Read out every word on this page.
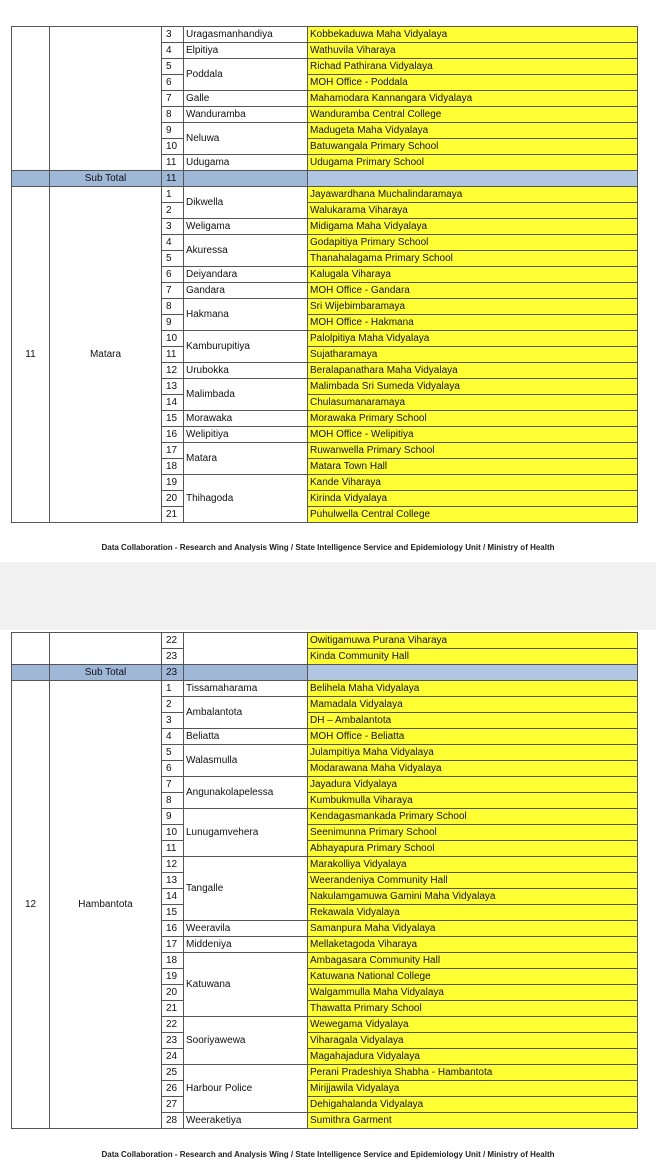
		3	Uragasmanhandiya	Kobbekaduwa Maha Vidyalaya
		4	Elpitiya	Wathuvila Viharaya
		5	Poddala	Richad Pathirana Vidyalaya
		6		MOH Office - Poddala
		7	Galle	Mahamodara Kannangara Vidyalaya
		8	Wanduramba	Wanduramba Central College
		9	Neluwa	Madugeta Maha Vidyalaya
		10		Batuwangala Primary School
		11	Udugama	Udugama Primary School
	Sub Total	11		
11	Matara	1	Dikwella	Jayawardhana Muchalindaramaya
		2		Walukarama Viharaya
		3	Weligama	Midigama Maha Vidyalaya
		4	Akuressa	Godapitiya Primary School
		5		Thanahalagama Primary School
		6	Deiyandara	Kalugala Viharaya
		7	Gandara	MOH Office - Gandara
		8	Hakmana	Sri Wijebimbaramaya
		9		MOH Office - Hakmana
		10	Kamburupitiya	Palolpitiya Maha Vidyalaya
		11		Sujatharamaya
		12	Urubokka	Beralapanathara Maha Vidyalaya
		13	Malimbada	Malimbada Sri Sumeda Vidyalaya
		14		Chulasumanaramaya
		15	Morawaka	Morawaka Primary School
		16	Welipitiya	MOH Office - Welipitiya
		17	Matara	Ruwanwella Primary School
		18		Matara Town Hall
		19	Thihagoda	Kande Viharaya
		20		Kirinda Vidyalaya
		21		Puhulwella Central College
Data Collaboration - Research and Analysis Wing / State Intelligence Service and Epidemiology Unit / Ministry of Health
		22		Owitigamuwa Purana Viharaya
		23		Kinda Community Hall
	Sub Total	23		
12	Hambantota	1	Tissamaharama	Belihela Maha Vidyalaya
		2	Ambalantota	Mamadala Vidyalaya
		3		DH – Ambalantota
		4	Beliatta	MOH Office - Beliatta
		5	Walasmulla	Julampitiya Maha Vidyalaya
		6		Modarawana Maha Vidyalaya
		7	Angunakolapelessa	Jayadura Vidyalaya
		8		Kumbukmulla Viharaya
		9	Lunugamvehera	Kendagasmankada Primary School
		10		Seenimunna Primary School
		11		Abhayapura Primary School
		12	Tangalle	Marakolliya Vidyalaya
		13		Weerandeniya Community Hall
		14		Nakulamgamuwa Gamini Maha Vidyalaya
		15		Rekawala Vidyalaya
		16	Weeravila	Samanpura Maha Vidyalaya
		17	Middeniya	Mellaketagoda Viharaya
		18	Katuwana	Ambagasara Community Hall
		19		Katuwana National College
		20		Walgammulla Maha Vidyalaya
		21		Thawatta Primary School
		22	Sooriyawewa	Wewegama Vidyalaya
		23		Viharagala Vidyalaya
		24		Magahajadura Vidyalaya
		25	Harbour Police	Perani Pradeshiya Shabha - Hambantota
		26		Mirijjawila Vidyalaya
		27		Dehigahalanda Vidyalaya
		28	Weeraketiya	Sumithra Garment
Data Collaboration - Research and Analysis Wing / State Intelligence Service and Epidemiology Unit / Ministry of Health
